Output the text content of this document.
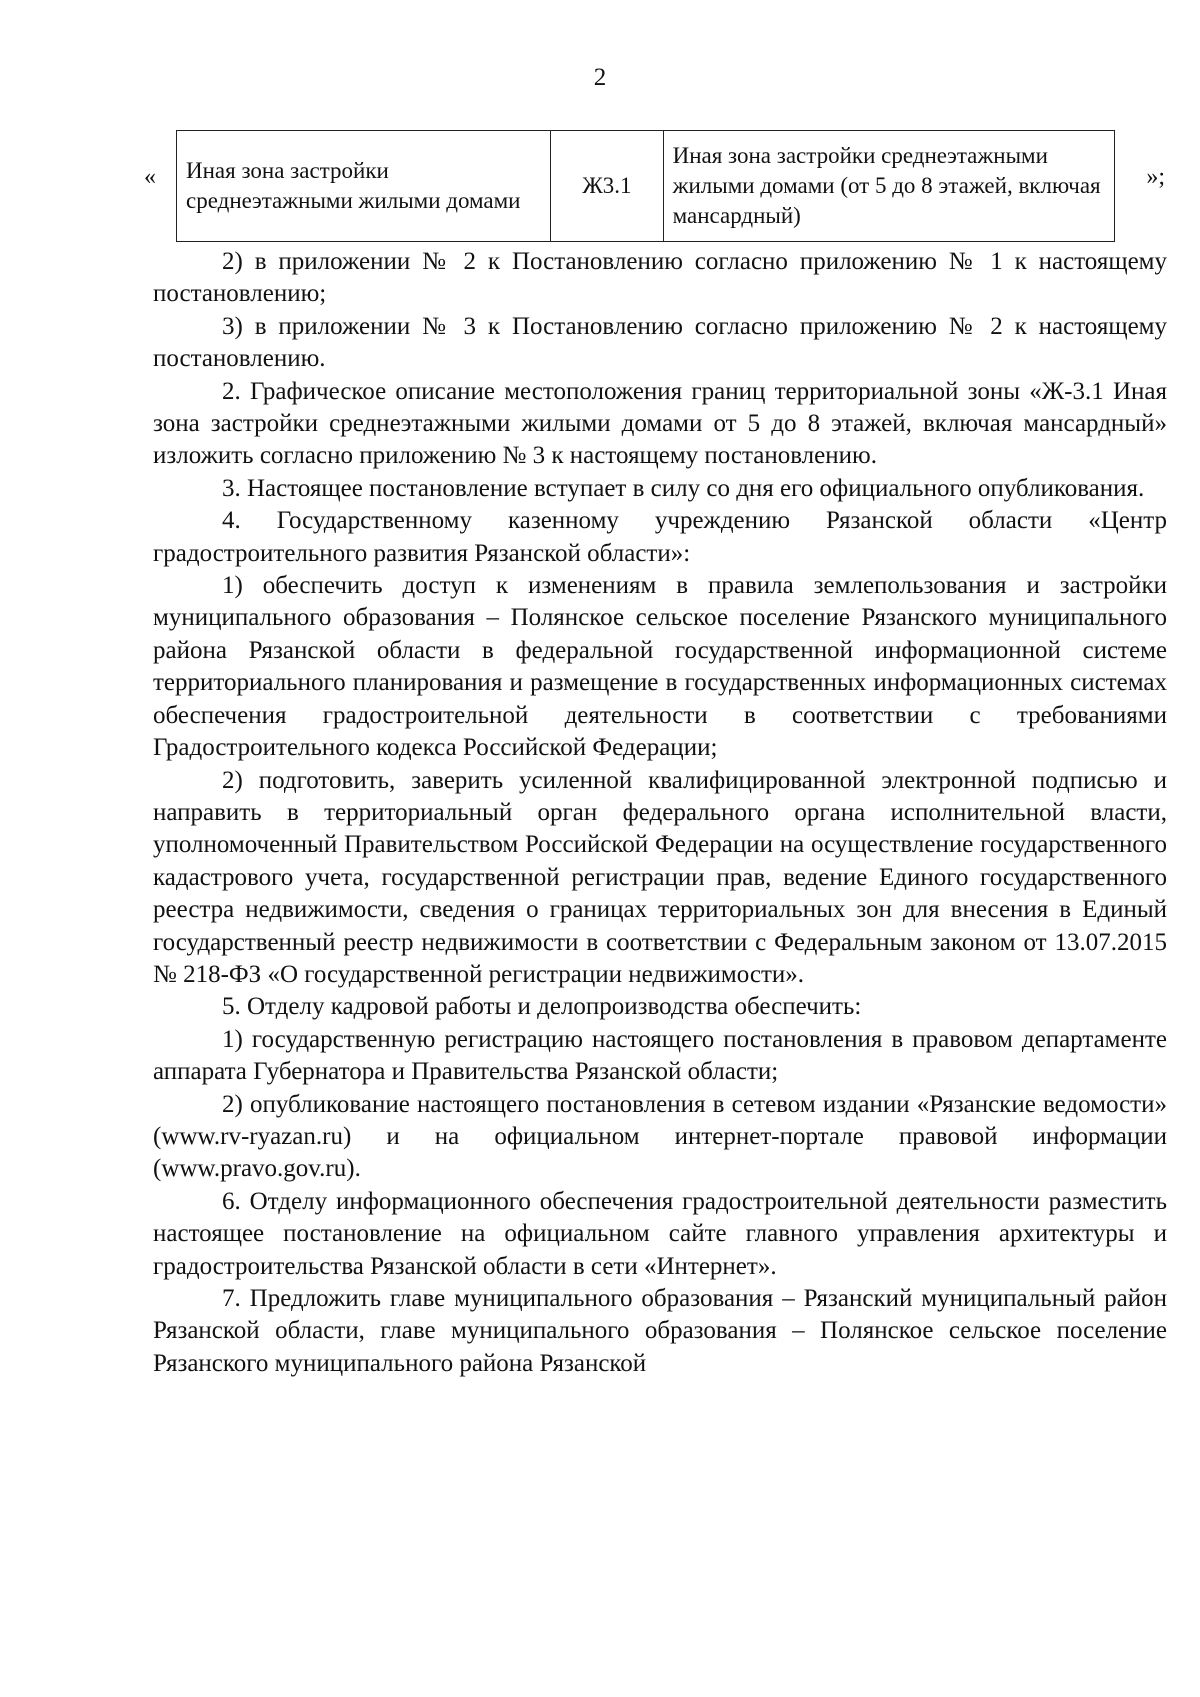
2
« Иная зона застройки среднеэтажными жилыми домами	Ж3.1	Иная зона застройки среднеэтажными жилыми домами (от 5 до 8 этажей, включая мансардный)
»;

2) в приложении № 2 к Постановлению согласно приложению № 1 к настоящему постановлению;

3) в приложении № 3 к Постановлению согласно приложению № 2 к настоящему постановлению.

2. Графическое описание местоположения границ территориальной зоны «Ж-3.1 Иная зона застройки среднеэтажными жилыми домами от 5 до 8 этажей, включая мансардный» изложить согласно приложению № 3 к настоящему постановлению.

3. Настоящее постановление вступает в силу со дня его официального опубликования.

4. Государственному казенному учреждению Рязанской области «Центр градостроительного развития Рязанской области»:

1) обеспечить доступ к изменениям в правила землепользования и застройки муниципального образования – Полянское сельское поселение Рязанского муниципального района Рязанской области в федеральной государственной информационной системе территориального планирования и размещение в государственных информационных системах обеспечения градостроительной деятельности в соответствии с требованиями Градостроительного кодекса Российской Федерации;

2) подготовить, заверить усиленной квалифицированной электронной подписью и направить в территориальный орган федерального органа исполнительной власти, уполномоченный Правительством Российской Федерации на осуществление государственного кадастрового учета, государственной регистрации прав, ведение Единого государственного реестра недвижимости, сведения о границах территориальных зон для внесения в Единый государственный реестр недвижимости в соответствии с Федеральным законом от 13.07.2015 № 218-ФЗ «О государственной регистрации недвижимости».

5. Отделу кадровой работы и делопроизводства обеспечить:

1) государственную регистрацию настоящего постановления в правовом департаменте аппарата Губернатора и Правительства Рязанской области;

2) опубликование настоящего постановления в сетевом издании «Рязанские ведомости» (www.rv-ryazan.ru) и на официальном интернет-портале правовой информации (www.pravo.gov.ru).

6. Отделу информационного обеспечения градостроительной деятельности разместить настоящее постановление на официальном сайте главного управления архитектуры и градостроительства Рязанской области в сети «Интернет».

7. Предложить главе муниципального образования – Рязанский муниципальный район Рязанской области, главе муниципального образования – Полянское сельское поселение Рязанского муниципального района Рязанской
